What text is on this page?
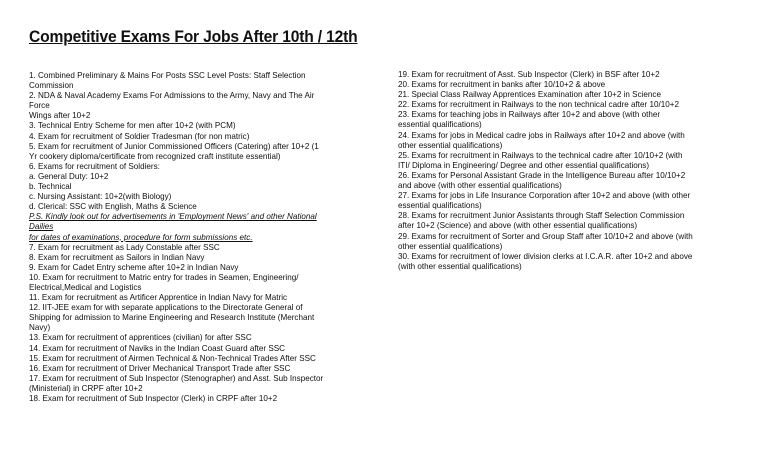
Competitive Exams For Jobs After 10th / 12th
1. Combined Preliminary & Mains For Posts SSC Level Posts: Staff Selection
Commission
2. NDA & Naval Academy Exams For Admissions to the Army, Navy and The Air
Force
Wings after 10+2
3. Technical Entry Scheme for men after 10+2 (with PCM)
4. Exam for recruitment of Soldier Tradesman (for non matric)
5. Exam for recruitment of Junior Commissioned Officers (Catering) after 10+2 (1
Yr cookery diploma/certificate from recognized craft institute essential)
6. Exams for recruitment of Soldiers:
a. General Duty: 10+2
b. Technical
c. Nursing Assistant: 10+2(with Biology)
d. Clerical: SSC with English, Maths & Science
P.S. Kindly look out for advertisements in 'Employment News' and other National
Dailies
for dates of examinations, procedure for form submissions etc.
7. Exam for recruitment as Lady Constable after SSC
8. Exam for recruitment as Sailors in Indian Navy
9. Exam for Cadet Entry scheme after 10+2 in Indian Navy
10. Exam for recruitment to Matric entry for trades in Seamen, Engineering/
Electrical,Medical and Logistics
11. Exam for recruitment as Artificer Apprentice in Indian Navy for Matric
12. IIT-JEE exam for with separate applications to the Directorate General of
Shipping for admission to Marine Engineering and Research Institute (Merchant
Navy)
13. Exam for recruitment of apprentices (civilian) for after SSC
14. Exam for recruitment of Naviks in the Indian Coast Guard after SSC
15. Exam for recruitment of Airmen Technical & Non-Technical Trades After SSC
16. Exam for recruitment of Driver Mechanical Transport Trade after SSC
17. Exam for recruitment of Sub Inspector (Stenographer) and Asst. Sub Inspector
(Ministerial) in CRPF after 10+2
18. Exam for recruitment of Sub Inspector (Clerk) in CRPF after 10+2
19. Exam for recruitment of Asst. Sub Inspector (Clerk) in BSF after 10+2
20. Exams for recruitment in banks after 10/10+2 & above
21. Special Class Railway Apprentices Examination after 10+2 in Science
22. Exams for recruitment in Railways to the non technical cadre after 10/10+2
23. Exams for teaching jobs in Railways after 10+2 and above (with other
essential qualifications)
24. Exams for jobs in Medical cadre jobs in Railways after 10+2 and above (with
other essential qualifications)
25. Exams for recruitment in Railways to the technical cadre after 10/10+2 (with
ITI/ Diploma in Engineering/ Degree and other essential qualifications)
26. Exams for Personal Assistant Grade in the Intelligence Bureau after 10/10+2
and above (with other essential qualifications)
27. Exams for jobs in Life Insurance Corporation after 10+2 and above (with other
essential qualifications)
28. Exams for recruitment Junior Assistants through Staff Selection Commission
after 10+2 (Science) and above (with other essential qualifications)
29. Exams for recruitment of Sorter and Group Staff after 10/10+2 and above (with
other essential qualifications)
30. Exams for recruitment of lower division clerks at I.C.A.R. after 10+2 and above
(with other essential qualifications)
